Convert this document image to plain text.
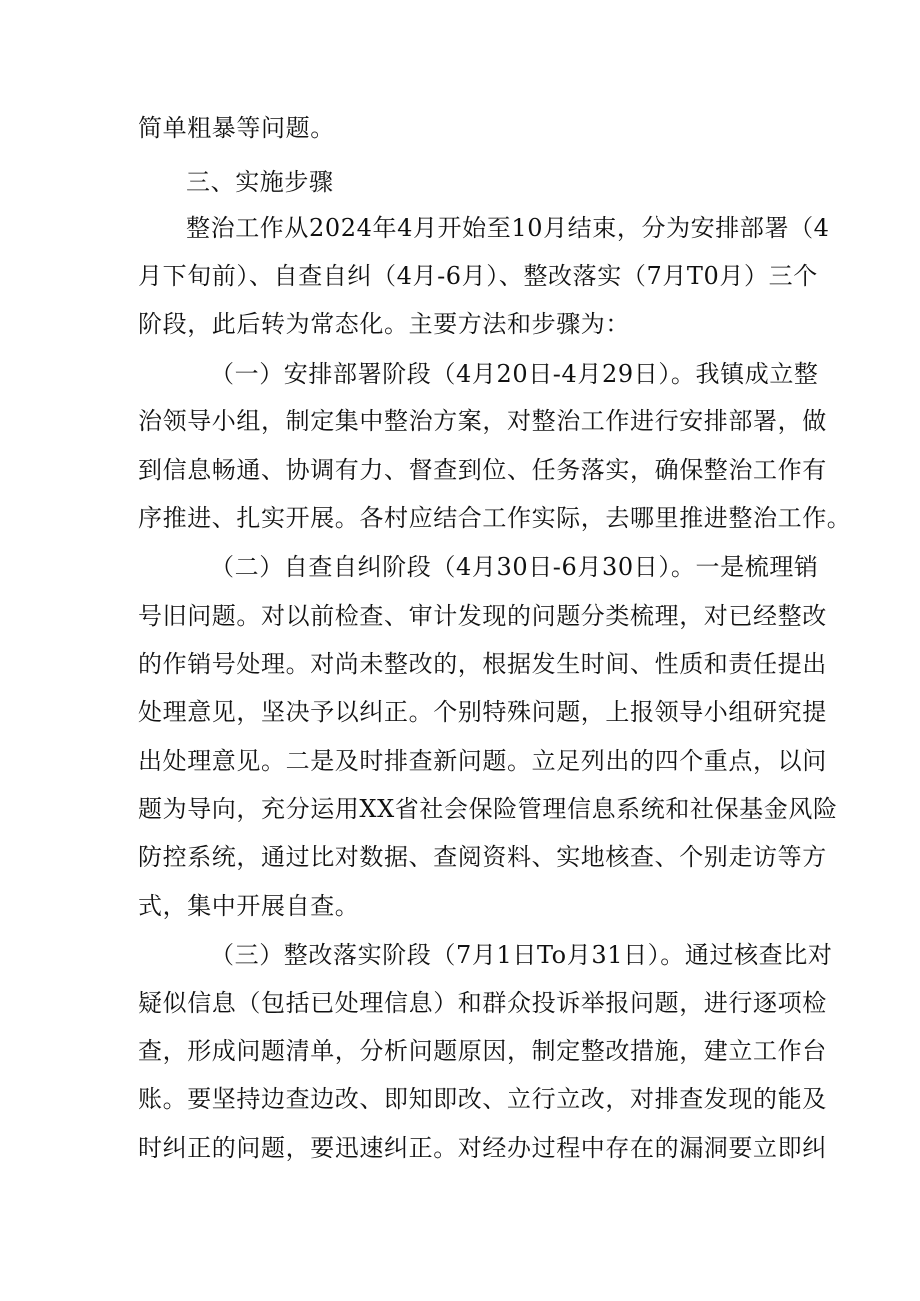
简单粗暴等问题。
三、实施步骤
整治工作从2024年4月开始至10月结束，分为安排部署（4
月下旬前）、自查自纠（4月-6月）、整改落实（7月T0月）三个
阶段，此后转为常态化。主要方法和步骤为：
（一）安排部署阶段（4月20日-4月29日）。我镇成立整
治领导小组，制定集中整治方案，对整治工作进行安排部署，做
到信息畅通、协调有力、督查到位、任务落实，确保整治工作有
序推进、扎实开展。各村应结合工作实际，去哪里推进整治工作。
（二）自查自纠阶段（4月30日-6月30日）。一是梳理销
号旧问题。对以前检查、审计发现的问题分类梳理，对已经整改
的作销号处理。对尚未整改的，根据发生时间、性质和责任提出
处理意见，坚决予以纠正。个别特殊问题，上报领导小组研究提
出处理意见。二是及时排查新问题。立足列出的四个重点，以问
题为导向，充分运用XX省社会保险管理信息系统和社保基金风险
防控系统，通过比对数据、查阅资料、实地核查、个别走访等方
式，集中开展自查。
（三）整改落实阶段（7月1日To月31日）。通过核查比对
疑似信息（包括已处理信息）和群众投诉举报问题，进行逐项检
查，形成问题清单，分析问题原因，制定整改措施，建立工作台
账。要坚持边查边改、即知即改、立行立改，对排查发现的能及
时纠正的问题，要迅速纠正。对经办过程中存在的漏洞要立即纠
